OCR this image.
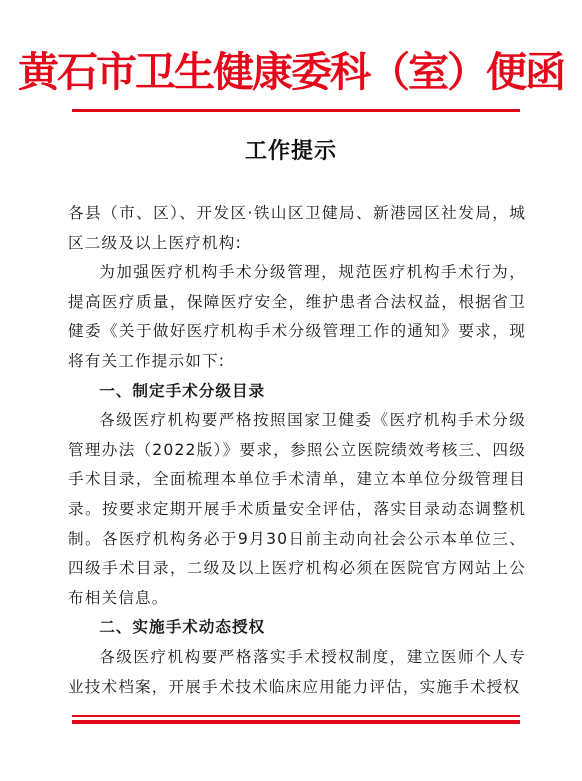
黄石市卫生健康委科（室）便函
工作提示

各县（市、区）、开发区·铁山区卫健局、新港园区社发局，城区二级及以上医疗机构:

为加强医疗机构手术分级管理，规范医疗机构手术行为，提高医疗质量，保障医疗安全，维护患者合法权益，根据省卫健委《关于做好医疗机构手术分级管理工作的通知》要求，现将有关工作提示如下:

一、制定手术分级目录

各级医疗机构要严格按照国家卫健委《医疗机构手术分级管理办法（2022版）》要求，参照公立医院绩效考核三、四级手术目录，全面梳理本单位手术清单，建立本单位分级管理目录。按要求定期开展手术质量安全评估，落实目录动态调整机制。各医疗机构务必于9月30日前主动向社会公示本单位三、四级手术目录，二级及以上医疗机构必须在医院官方网站上公布相关信息。

二、实施手术动态授权

各级医疗机构要严格落实手术授权制度，建立医师个人专业技术档案，开展手术技术临床应用能力评估，实施手术授权
